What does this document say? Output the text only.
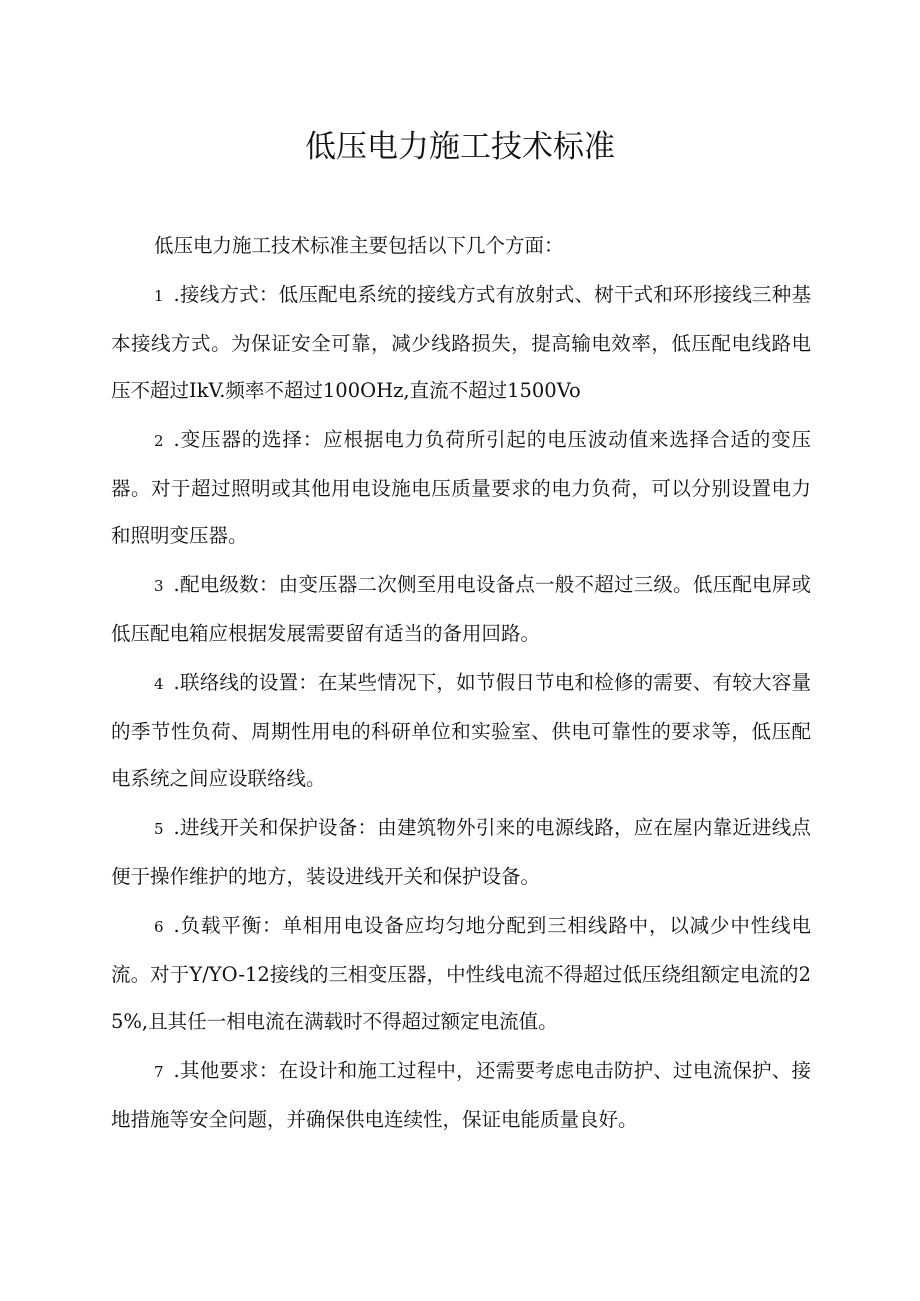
低压电力施工技术标准

低压电力施工技术标准主要包括以下几个方面：

1 .接线方式：低压配电系统的接线方式有放射式、树干式和环形接线三种基本接线方式。为保证安全可靠，减少线路损失，提高输电效率，低压配电线路电压不超过IkV.频率不超过100OHz,直流不超过1500Vo

2 .变压器的选择：应根据电力负荷所引起的电压波动值来选择合适的变压器。对于超过照明或其他用电设施电压质量要求的电力负荷，可以分别设置电力和照明变压器。

3 .配电级数：由变压器二次侧至用电设备点一般不超过三级。低压配电屏或低压配电箱应根据发展需要留有适当的备用回路。

4 .联络线的设置：在某些情况下，如节假日节电和检修的需要、有较大容量的季节性负荷、周期性用电的科研单位和实验室、供电可靠性的要求等，低压配电系统之间应设联络线。

5 .进线开关和保护设备：由建筑物外引来的电源线路，应在屋内靠近进线点便于操作维护的地方，装设进线开关和保护设备。

6 .负载平衡：单相用电设备应均匀地分配到三相线路中，以减少中性线电流。对于Y/YO-12接线的三相变压器，中性线电流不得超过低压绕组额定电流的25%,且其任一相电流在满载时不得超过额定电流值。

7 .其他要求：在设计和施工过程中，还需要考虑电击防护、过电流保护、接地措施等安全问题，并确保供电连续性，保证电能质量良好。
